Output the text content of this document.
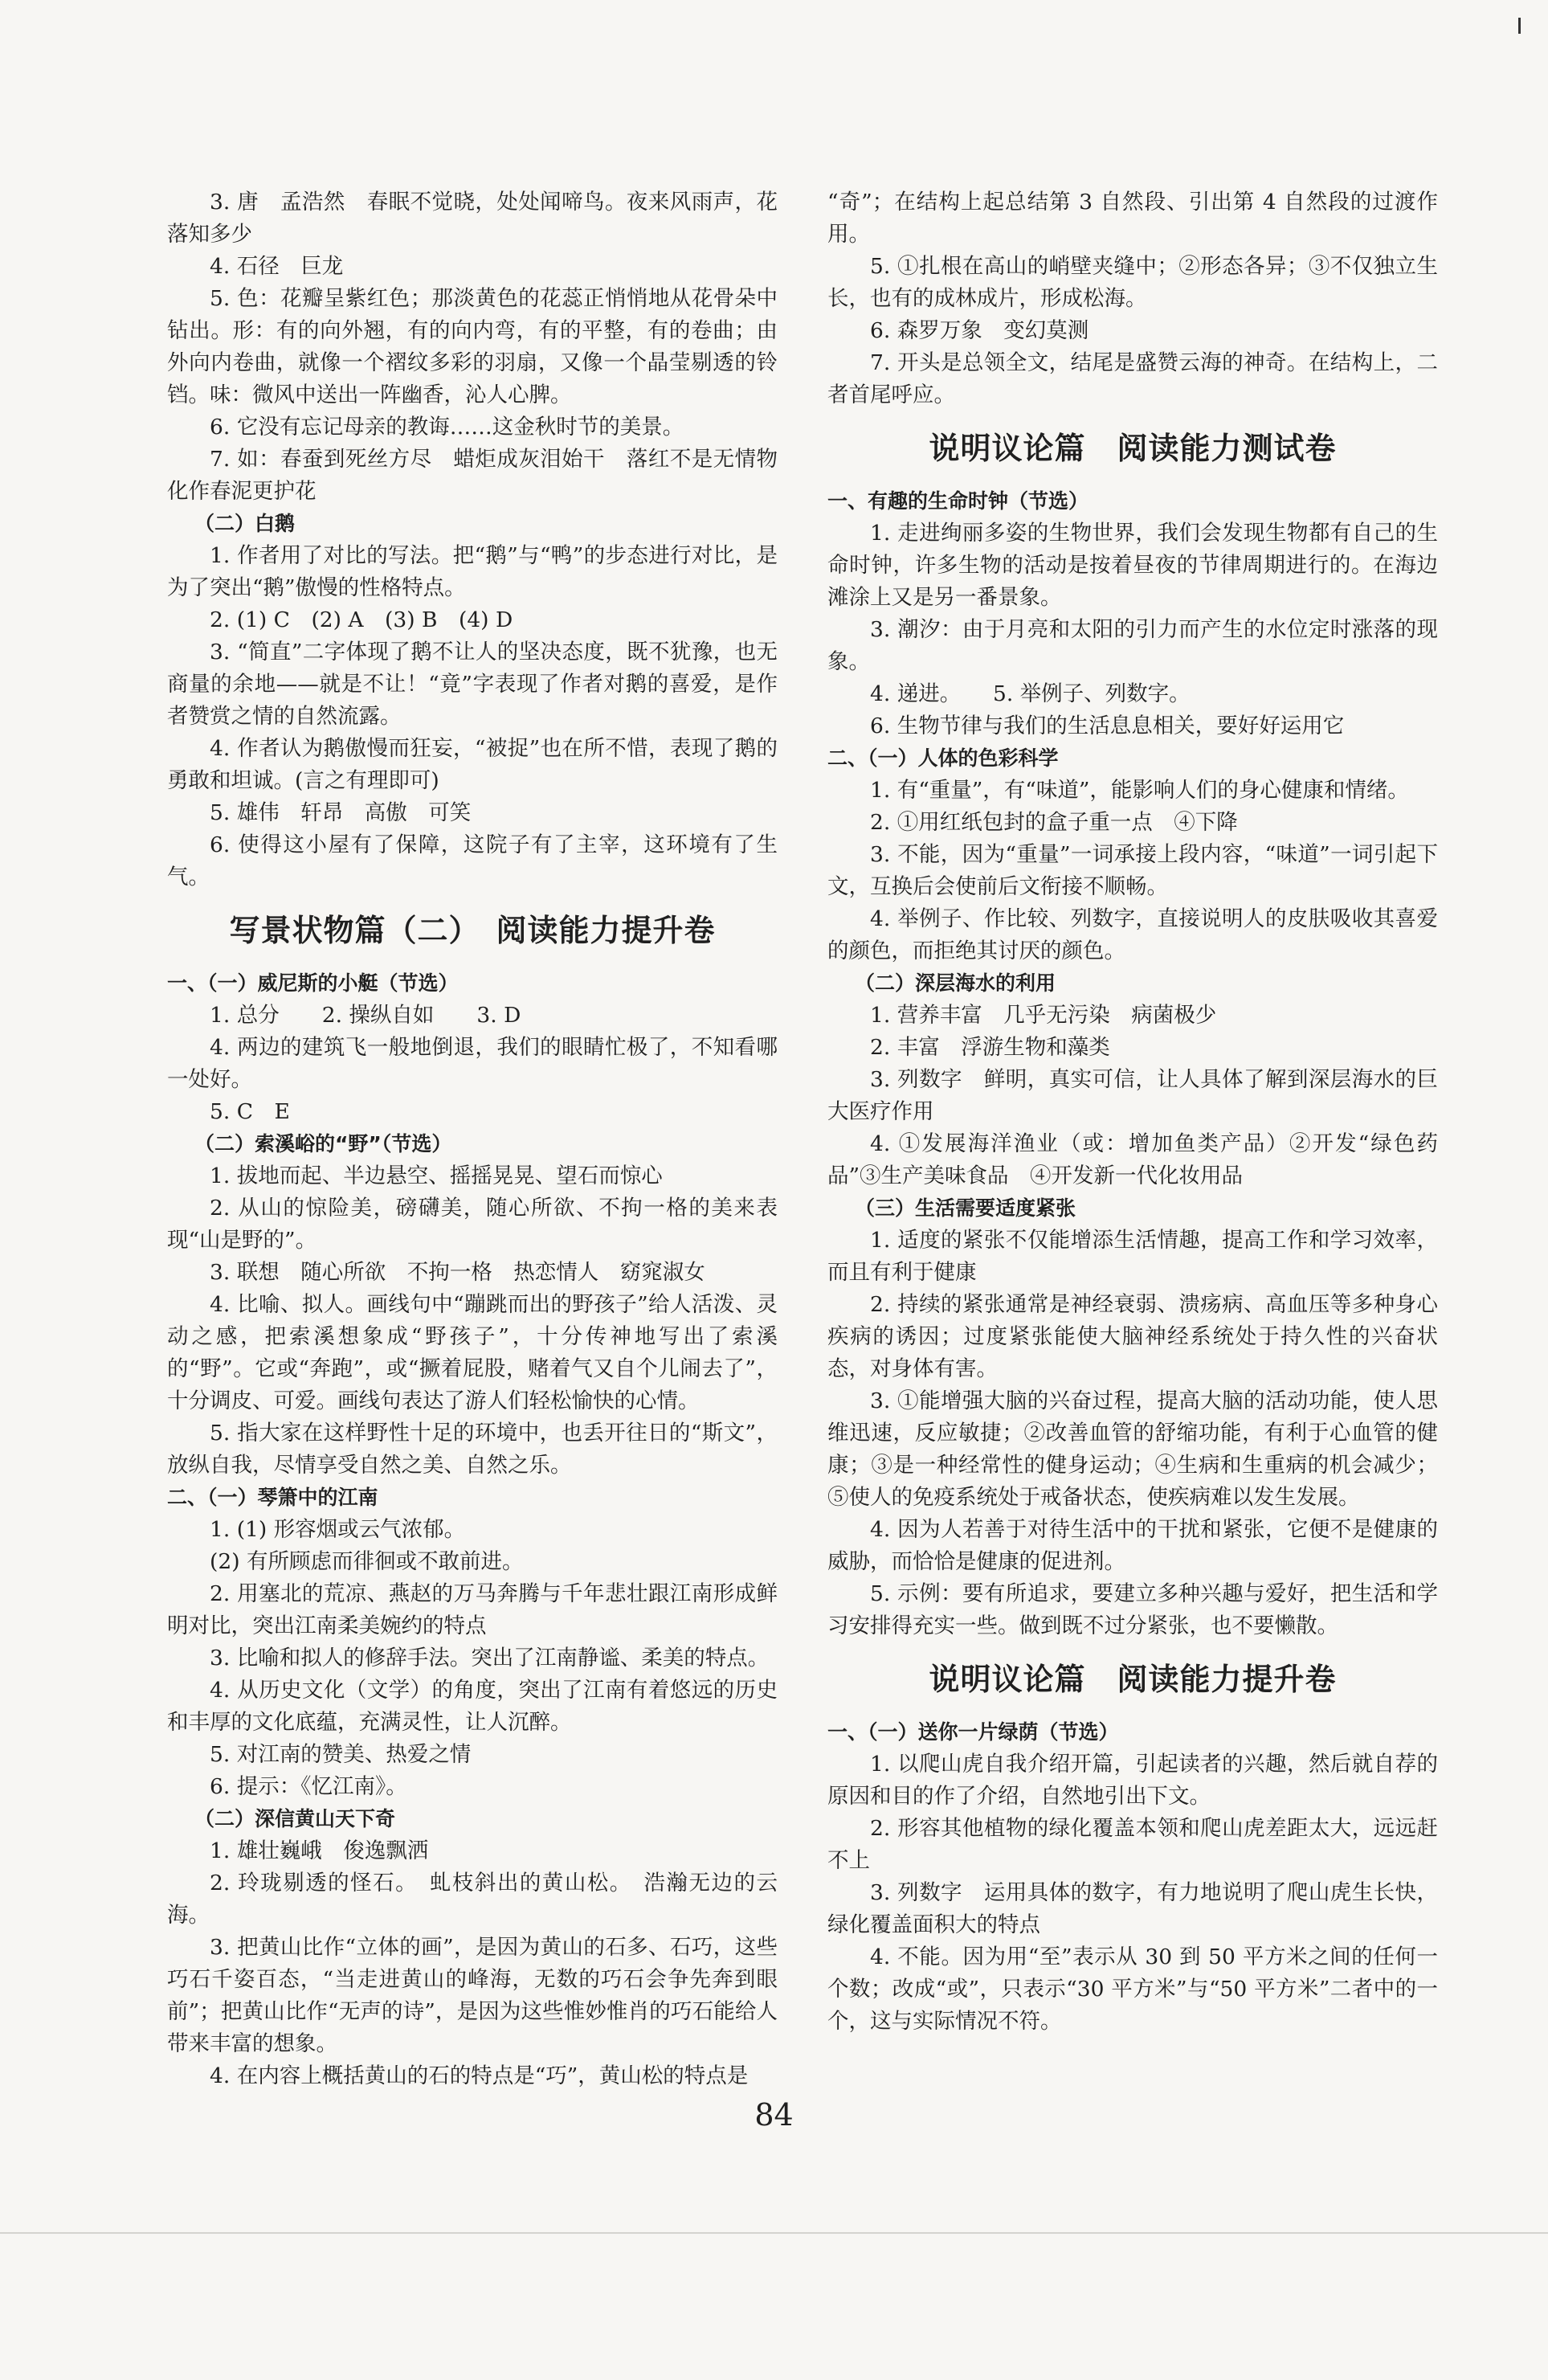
3. 唐　孟浩然　春眠不觉晓，处处闻啼鸟。夜来风雨声，花落知多少

4. 石径　巨龙

5. 色：花瓣呈紫红色；那淡黄色的花蕊正悄悄地从花骨朵中钻出。形：有的向外翘，有的向内弯，有的平整，有的卷曲；由外向内卷曲，就像一个褶纹多彩的羽扇，又像一个晶莹剔透的铃铛。味：微风中送出一阵幽香，沁人心脾。

6. 它没有忘记母亲的教诲……这金秋时节的美景。

7. 如：春蚕到死丝方尽　蜡炬成灰泪始干　落红不是无情物　化作春泥更护花

（二）白鹅

1. 作者用了对比的写法。把“鹅”与“鸭”的步态进行对比，是为了突出“鹅”傲慢的性格特点。

2. (1) C　(2) A　(3) B　(4) D

3. “简直”二字体现了鹅不让人的坚决态度，既不犹豫，也无商量的余地——就是不让！“竟”字表现了作者对鹅的喜爱，是作者赞赏之情的自然流露。

4. 作者认为鹅傲慢而狂妄，“被捉”也在所不惜，表现了鹅的勇敢和坦诚。(言之有理即可)

5. 雄伟　轩昂　高傲　可笑

6. 使得这小屋有了保障，这院子有了主宰，这环境有了生气。

写景状物篇（二）　阅读能力提升卷

一、（一）威尼斯的小艇（节选）

1. 总分　　2. 操纵自如　　3. D

4. 两边的建筑飞一般地倒退，我们的眼睛忙极了，不知看哪一处好。

5. C　E

（二）索溪峪的“野”（节选）

1. 拔地而起、半边悬空、摇摇晃晃、望石而惊心

2. 从山的惊险美，磅礴美，随心所欲、不拘一格的美来表现“山是野的”。

3. 联想　随心所欲　不拘一格　热恋情人　窈窕淑女

4. 比喻、拟人。画线句中“蹦跳而出的野孩子”给人活泼、灵动之感，把索溪想象成“野孩子”，十分传神地写出了索溪的“野”。它或“奔跑”，或“撅着屁股，赌着气又自个儿闹去了”，十分调皮、可爱。画线句表达了游人们轻松愉快的心情。

5. 指大家在这样野性十足的环境中，也丢开往日的“斯文”，放纵自我，尽情享受自然之美、自然之乐。

二、（一）琴箫中的江南

1. (1) 形容烟或云气浓郁。

(2) 有所顾虑而徘徊或不敢前进。

2. 用塞北的荒凉、燕赵的万马奔腾与千年悲壮跟江南形成鲜明对比，突出江南柔美婉约的特点

3. 比喻和拟人的修辞手法。突出了江南静谧、柔美的特点。

4. 从历史文化（文学）的角度，突出了江南有着悠远的历史和丰厚的文化底蕴，充满灵性，让人沉醉。

5. 对江南的赞美、热爱之情

6. 提示：《忆江南》。

（二）深信黄山天下奇

1. 雄壮巍峨　俊逸飘洒

2. 玲珑剔透的怪石。　虬枝斜出的黄山松。　浩瀚无边的云海。

3. 把黄山比作“立体的画”，是因为黄山的石多、石巧，这些巧石千姿百态，“当走进黄山的峰海，无数的巧石会争先奔到眼前”；把黄山比作“无声的诗”，是因为这些惟妙惟肖的巧石能给人带来丰富的想象。

4. 在内容上概括黄山的石的特点是“巧”，黄山松的特点是

“奇”；在结构上起总结第 3 自然段、引出第 4 自然段的过渡作用。

5. ①扎根在高山的峭壁夹缝中；②形态各异；③不仅独立生长，也有的成林成片，形成松海。

6. 森罗万象　变幻莫测

7. 开头是总领全文，结尾是盛赞云海的神奇。在结构上，二者首尾呼应。

说明议论篇　阅读能力测试卷

一、有趣的生命时钟（节选）

1. 走进绚丽多姿的生物世界，我们会发现生物都有自己的生命时钟，许多生物的活动是按着昼夜的节律周期进行的。在海边滩涂上又是另一番景象。

3. 潮汐：由于月亮和太阳的引力而产生的水位定时涨落的现象。

4. 递进。　　5. 举例子、列数字。

6. 生物节律与我们的生活息息相关，要好好运用它

二、（一）人体的色彩科学

1. 有“重量”，有“味道”，能影响人们的身心健康和情绪。

2. ①用红纸包封的盒子重一点　④下降

3. 不能，因为“重量”一词承接上段内容，“味道”一词引起下文，互换后会使前后文衔接不顺畅。

4. 举例子、作比较、列数字，直接说明人的皮肤吸收其喜爱的颜色，而拒绝其讨厌的颜色。

（二）深层海水的利用

1. 营养丰富　几乎无污染　病菌极少

2. 丰富　浮游生物和藻类

3. 列数字　鲜明，真实可信，让人具体了解到深层海水的巨大医疗作用

4. ①发展海洋渔业（或：增加鱼类产品）②开发“绿色药品”③生产美味食品　④开发新一代化妆用品

（三）生活需要适度紧张

1. 适度的紧张不仅能增添生活情趣，提高工作和学习效率，而且有利于健康

2. 持续的紧张通常是神经衰弱、溃疡病、高血压等多种身心疾病的诱因；过度紧张能使大脑神经系统处于持久性的兴奋状态，对身体有害。

3. ①能增强大脑的兴奋过程，提高大脑的活动功能，使人思维迅速，反应敏捷；②改善血管的舒缩功能，有利于心血管的健康；③是一种经常性的健身运动；④生病和生重病的机会减少；⑤使人的免疫系统处于戒备状态，使疾病难以发生发展。

4. 因为人若善于对待生活中的干扰和紧张，它便不是健康的威胁，而恰恰是健康的促进剂。

5. 示例：要有所追求，要建立多种兴趣与爱好，把生活和学习安排得充实一些。做到既不过分紧张，也不要懒散。

说明议论篇　阅读能力提升卷

一、（一）送你一片绿荫（节选）

1. 以爬山虎自我介绍开篇，引起读者的兴趣，然后就自荐的原因和目的作了介绍，自然地引出下文。

2. 形容其他植物的绿化覆盖本领和爬山虎差距太大，远远赶不上

3. 列数字　运用具体的数字，有力地说明了爬山虎生长快，绿化覆盖面积大的特点

4. 不能。因为用“至”表示从 30 到 50 平方米之间的任何一个数；改成“或”，只表示“30 平方米”与“50 平方米”二者中的一个，这与实际情况不符。

84
